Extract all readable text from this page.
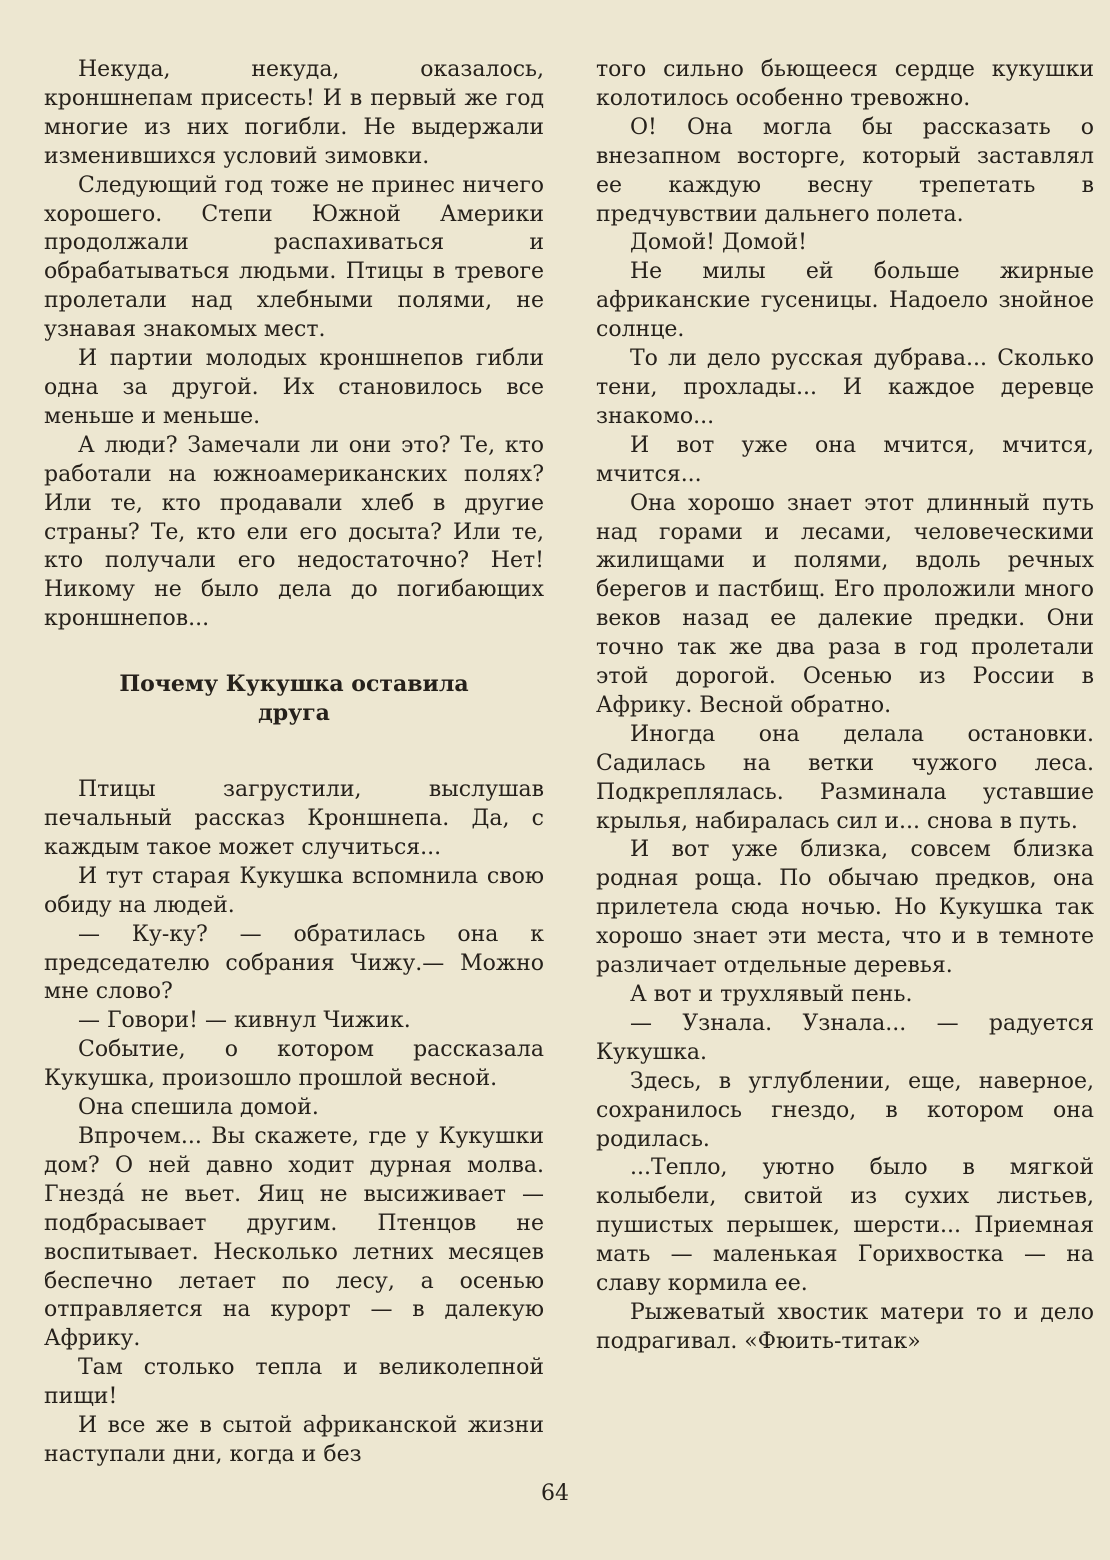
Некуда, некуда, оказалось, кроншнепам присесть! И в первый же год многие из них погибли. Не выдержали изменившихся условий зимовки.

Следующий год тоже не принес ничего хорошего. Степи Южной Америки продолжали распахиваться и обрабатываться людьми. Птицы в тревоге пролетали над хлебными полями, не узнавая знакомых мест.

И партии молодых кроншнепов гибли одна за другой. Их становилось все меньше и меньше.

А люди? Замечали ли они это? Те, кто работали на южноамериканских полях? Или те, кто продавали хлеб в другие страны? Те, кто ели его досыта? Или те, кто получали его недостаточно? Нет! Никому не было дела до погибающих кроншнепов...

Почему Кукушка оставила
друга

Птицы загрустили, выслушав печальный рассказ Кроншнепа. Да, с каждым такое может случиться...

И тут старая Кукушка вспомнила свою обиду на людей.

— Ку-ку? — обратилась она к председателю собрания Чижу.— Можно мне слово?

— Говори! — кивнул Чижик.

Событие, о котором рассказала Кукушка, произошло прошлой весной.

Она спешила домой.

Впрочем... Вы скажете, где у Кукушки дом? О ней давно ходит дурная молва. Гнезда́ не вьет. Яиц не высиживает — подбрасывает другим. Птенцов не воспитывает. Несколько летних месяцев беспечно летает по лесу, а осенью отправляется на курорт — в далекую Африку.

Там столько тепла и великолепной пищи!

И все же в сытой африканской жизни наступали дни, когда и без

того сильно бьющееся сердце кукушки колотилось особенно тревожно.

О! Она могла бы рассказать о внезапном восторге, который заставлял ее каждую весну трепетать в предчувствии дальнего полета.

Домой! Домой!

Не милы ей больше жирные африканские гусеницы. Надоело знойное солнце.

То ли дело русская дубрава... Сколько тени, прохлады... И каждое деревце знакомо...

И вот уже она мчится, мчится, мчится...

Она хорошо знает этот длинный путь над горами и лесами, человеческими жилищами и полями, вдоль речных берегов и пастбищ. Его проложили много веков назад ее далекие предки. Они точно так же два раза в год пролетали этой дорогой. Осенью из России в Африку. Весной обратно.

Иногда она делала остановки. Садилась на ветки чужого леса. Подкреплялась. Разминала уставшие крылья, набиралась сил и... снова в путь.

И вот уже близка, совсем близка родная роща. По обычаю предков, она прилетела сюда ночью. Но Кукушка так хорошо знает эти места, что и в темноте различает отдельные деревья.

А вот и трухлявый пень.

— Узнала. Узнала... — радуется Кукушка.

Здесь, в углублении, еще, наверное, сохранилось гнездо, в котором она родилась.

...Тепло, уютно было в мягкой колыбели, свитой из сухих листьев, пушистых перышек, шерсти... Приемная мать — маленькая Горихвостка — на славу кормила ее.

Рыжеватый хвостик матери то и дело подрагивал. «Фюить-титак»

64
